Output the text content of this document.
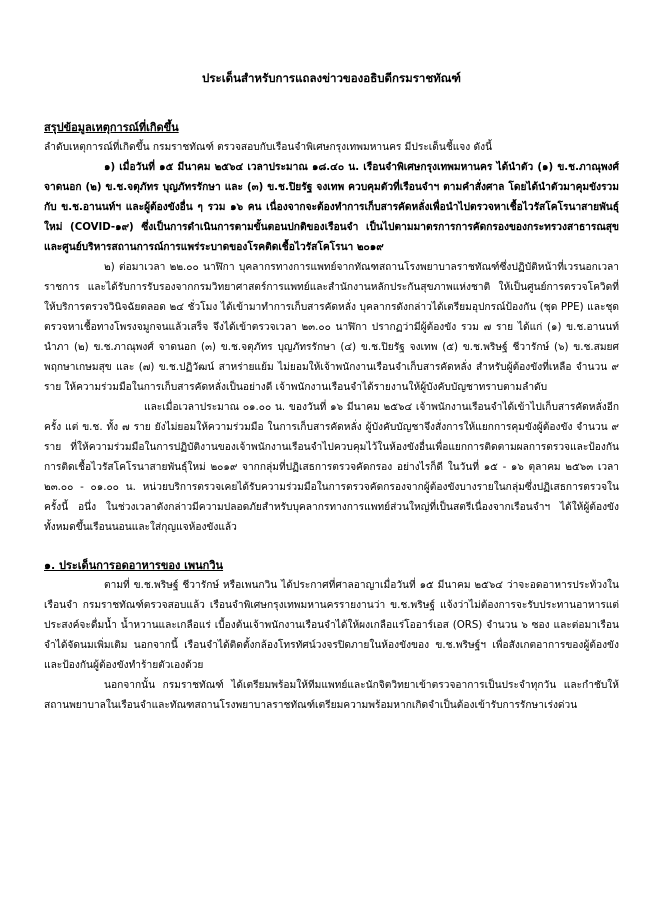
ประเด็นสำหรับการแถลงข่าวของอธิบดีกรมราชทัณฑ์
สรุปข้อมูลเหตุการณ์ที่เกิดขึ้น

ลำดับเหตุการณ์ที่เกิดขึ้น กรมราชทัณฑ์ ตรวจสอบกับเรือนจำพิเศษกรุงเทพมหานคร มีประเด็นชี้แจง ดังนี้

๑) เมื่อวันที่ ๑๕ มีนาคม ๒๕๖๔ เวลาประมาณ ๑๘.๔๐ น. เรือนจำพิเศษกรุงเทพมหานคร ได้นำตัว (๑) ข.ช.ภาณุพงศ์ จาดนอก (๒) ข.ช.จตุภัทร บุญภัทรรักษา และ (๓) ข.ช.ปิยรัฐ จงเทพ ควบคุมตัวที่เรือนจำฯ ตามคำสั่งศาล โดยได้นำตัวมาคุมขังรวมกับ ข.ช.อานนท์ฯ และผู้ต้องขังอื่น ๆ รวม ๑๖ คน เนื่องจากจะต้องทำการเก็บสารคัดหลั่งเพื่อนำไปตรวจหาเชื้อไวรัสโคโรนาสายพันธุ์ใหม่ (COVID-๑๙) ซึ่งเป็นการดำเนินการตามขั้นตอนปกติของเรือนจำ เป็นไปตามมาตรการการคัดกรองของกระทรวงสาธารณสุขและศูนย์บริหารสถานการณ์การแพร่ระบาดของโรคติดเชื้อไวรัสโคโรนา ๒๐๑๙

๒) ต่อมาเวลา ๒๒.๐๐ นาฬิกา บุคลากรทางการแพทย์จากทัณฑสถานโรงพยาบาลราชทัณฑ์ซึ่งปฏิบัติหน้าที่เวรนอกเวลาราชการ และได้รับการรับรองจากกรมวิทยาศาสตร์การแพทย์และสำนักงานหลักประกันสุขภาพแห่งชาติ ให้เป็นศูนย์การตรวจโควิดที่ให้บริการตรวจวินิจฉัยตลอด ๒๔ ชั่วโมง ได้เข้ามาทำการเก็บสารคัดหลั่ง บุคลากรดังกล่าวได้เตรียมอุปกรณ์ป้องกัน (ชุด PPE) และชุดตรวจหาเชื้อทางโพรงจมูกจนแล้วเสร็จ จึงได้เข้าตรวจเวลา ๒๓.๐๐ นาฬิกา ปรากฏว่ามีผู้ต้องขัง รวม ๗ ราย ได้แก่ (๑) ข.ช.อานนท์ นำภา (๒) ข.ช.ภาณุพงศ์ จาดนอก (๓) ข.ช.จตุภัทร บุญภัทรรักษา (๔) ข.ช.ปิยรัฐ จงเทพ (๕) ข.ช.พริษฐ์ ชีวารักษ์ (๖) ข.ช.สมยศ พฤกษาเกษมสุข และ (๗) ข.ช.ปฏิวัฒน์ สาหร่ายแย้ม ไม่ยอมให้เจ้าพนักงานเรือนจำเก็บสารคัดหลั่ง สำหรับผู้ต้องขังที่เหลือ จำนวน ๙ ราย ให้ความร่วมมือในการเก็บสารคัดหลั่งเป็นอย่างดี เจ้าพนักงานเรือนจำได้รายงานให้ผู้บังคับบัญชาทราบตามลำดับ

และเมื่อเวลาประมาณ ๐๑.๐๐ น. ของวันที่ ๑๖ มีนาคม ๒๕๖๔ เจ้าพนักงานเรือนจำได้เข้าไปเก็บสารคัดหลั่งอีกครั้ง แต่ ข.ช. ทั้ง ๗ ราย ยังไม่ยอมให้ความร่วมมือ ในการเก็บสารคัดหลั่ง ผู้บังคับบัญชาจึงสั่งการให้แยกการคุมขังผู้ต้องขัง จำนวน ๙ ราย ที่ให้ความร่วมมือในการปฏิบัติงานของเจ้าพนักงานเรือนจำไปควบคุมไว้ในห้องขังอื่นเพื่อแยกการติดตามผลการตรวจและป้องกันการติดเชื้อไวรัสโคโรนาสายพันธุ์ใหม่ ๒๐๑๙ จากกลุ่มที่ปฏิเสธการตรวจคัดกรอง อย่างไรก็ดี ในวันที่ ๑๕ - ๑๖ ตุลาคม ๒๕๖๓ เวลา ๒๓.๐๐ - ๐๑.๐๐ น. หน่วยบริการตรวจเคยได้รับความร่วมมือในการตรวจคัดกรองจากผู้ต้องขังบางรายในกลุ่มซึ่งปฏิเสธการตรวจในครั้งนี้ อนึ่ง ในช่วงเวลาดังกล่าวมีความปลอดภัยสำหรับบุคลากรทางการแพทย์ส่วนใหญ่ที่เป็นสตรีเนื่องจากเรือนจำฯ ได้ให้ผู้ต้องขังทั้งหมดขึ้นเรือนนอนและใส่กุญแจห้องขังแล้ว

๑. ประเด็นการอดอาหารของ เพนกวิน

ตามที่ ข.ช.พริษฐ์ ชีวารักษ์ หรือเพนกวิน ได้ประกาศที่ศาลอาญาเมื่อวันที่ ๑๕ มีนาคม ๒๕๖๔ ว่าจะอดอาหารประท้วงในเรือนจำ กรมราชทัณฑ์ตรวจสอบแล้ว เรือนจำพิเศษกรุงเทพมหานครรายงานว่า ข.ช.พริษฐ์ แจ้งว่าไม่ต้องการจะรับประทานอาหารแต่ประสงค์จะดื่มน้ำ น้ำหวานและเกลือแร่ เบื้องต้นเจ้าพนักงานเรือนจำได้ให้ผงเกลือแร่โออาร์เอส (ORS) จำนวน ๖ ซอง และต่อมาเรือนจำได้จัดนมเพิ่มเติม นอกจากนี้ เรือนจำได้ติดตั้งกล้องโทรทัศน์วงจรปิดภายในห้องขังของ ข.ช.พริษฐ์ฯ เพื่อสังเกตอาการของผู้ต้องขัง และป้องกันผู้ต้องขังทำร้ายตัวเองด้วย

นอกจากนั้น กรมราชทัณฑ์ ได้เตรียมพร้อมให้ทีมแพทย์และนักจิตวิทยาเข้าตรวจอาการเป็นประจำทุกวัน และกำชับให้สถานพยาบาลในเรือนจำและทัณฑสถานโรงพยาบาลราชทัณฑ์เตรียมความพร้อมหากเกิดจำเป็นต้องเข้ารับการรักษาเร่งด่วน
